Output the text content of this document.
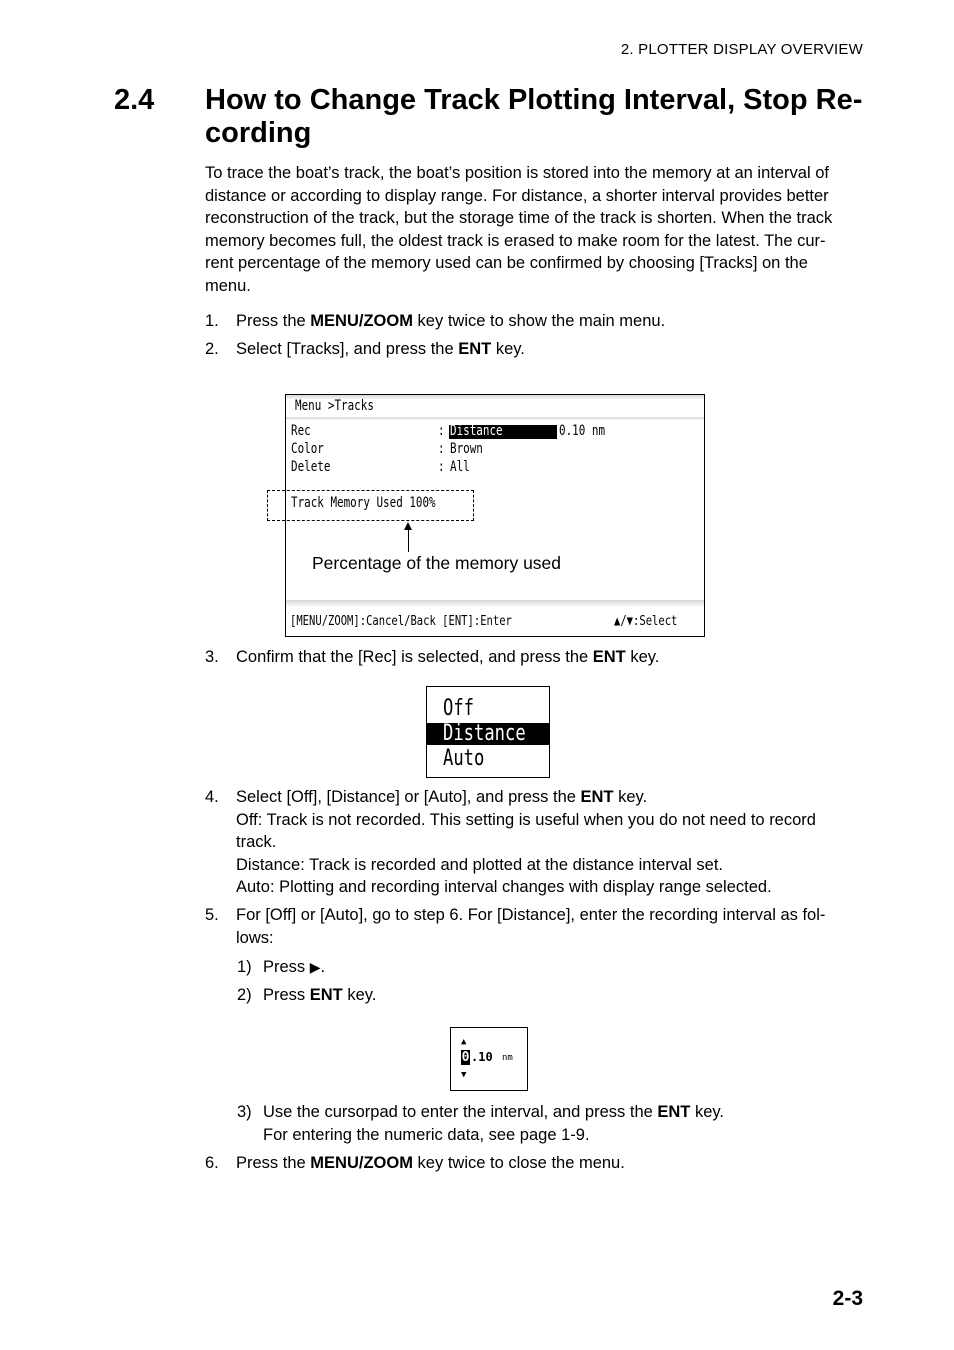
2. PLOTTER DISPLAY OVERVIEW
2.4 How to Change Track Plotting Interval, Stop Re-
cording
To trace the boat’s track, the boat’s position is stored into the memory at an interval of
distance or according to display range. For distance, a shorter interval provides better
reconstruction of the track, but the storage time of the track is shorten. When the track
memory becomes full, the oldest track is erased to make room for the latest. The cur-
rent percentage of the memory used can be confirmed by choosing [Tracks] on the
menu.
1. Press the MENU/ZOOM key twice to show the main menu.
2. Select [Tracks], and press the ENT key.
Menu >Tracks
Rec	: Distance	0.10 nm
Color	: Brown
Delete	: All
Track Memory Used 100%
[MENU/ZOOM]:Cancel/Back [ENT]:Enter	▲/▼:Select
Percentage of the memory used
3. Confirm that the [Rec] is selected, and press the ENT key.
Off
Distance
Auto
4. Select [Off], [Distance] or [Auto], and press the ENT key.
Off: Track is not recorded. This setting is useful when you do not need to record
track.
Distance: Track is recorded and plotted at the distance interval set.
Auto: Plotting and recording interval changes with display range selected.
5. For [Off] or [Auto], go to step 6. For [Distance], enter the recording interval as fol-
lows:
1) Press ▶.
2) Press ENT key.
▲
0 .10 nm
▼
3) Use the cursorpad to enter the interval, and press the ENT key.
For entering the numeric data, see page 1-9.
6. Press the MENU/ZOOM key twice to close the menu.
2-3
